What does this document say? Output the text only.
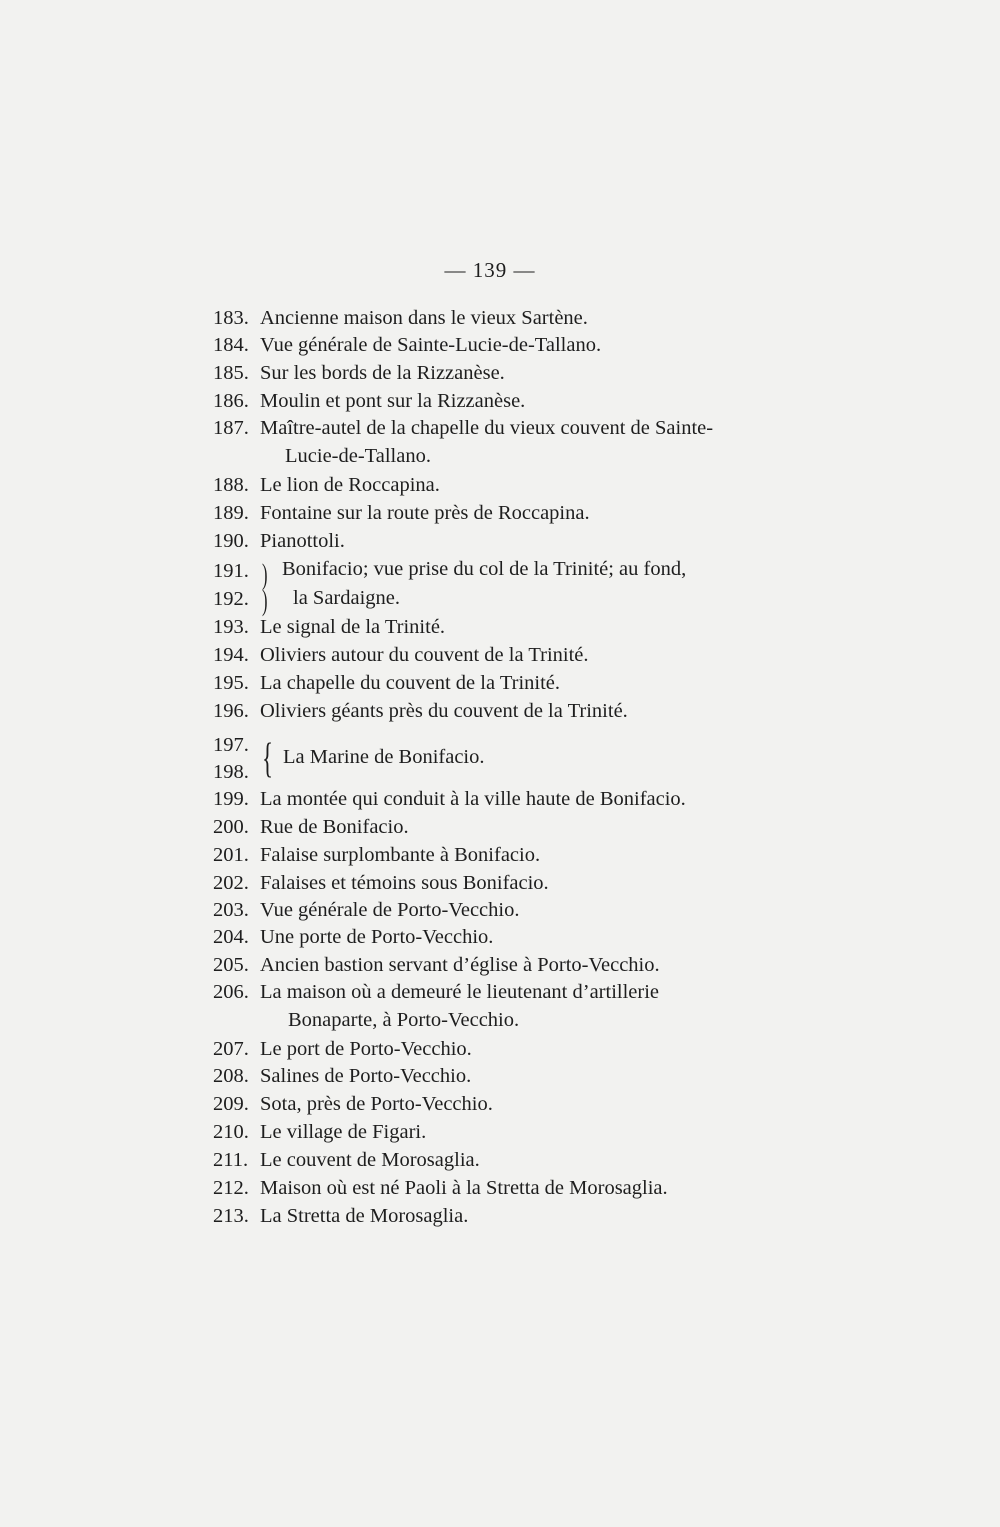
— 139 —
183. Ancienne maison dans le vieux Sartène.
184. Vue générale de Sainte-Lucie-de-Tallano.
185. Sur les bords de la Rizzanèse.
186. Moulin et pont sur la Rizzanèse.
187. Maître-autel de la chapelle du vieux couvent de Sainte-
Lucie-de-Tallano.
188. Le lion de Roccapina.
189. Fontaine sur la route près de Roccapina.
190. Pianottoli.
191.
192.
)
)
Bonifacio; vue prise du col de la Trinité; au fond,
la Sardaigne.
193. Le signal de la Trinité.
194. Oliviers autour du couvent de la Trinité.
195. La chapelle du couvent de la Trinité.
196. Oliviers géants près du couvent de la Trinité.
197.
198. { La Marine de Bonifacio.
199. La montée qui conduit à la ville haute de Bonifacio.
200. Rue de Bonifacio.
201. Falaise surplombante à Bonifacio.
202. Falaises et témoins sous Bonifacio.
203. Vue générale de Porto-Vecchio.
204. Une porte de Porto-Vecchio.
205. Ancien bastion servant d’église à Porto-Vecchio.
206. La maison où a demeuré le lieutenant d’artillerie
Bonaparte, à Porto-Vecchio.
207. Le port de Porto-Vecchio.
208. Salines de Porto-Vecchio.
209. Sota, près de Porto-Vecchio.
210. Le village de Figari.
211. Le couvent de Morosaglia.
212. Maison où est né Paoli à la Stretta de Morosaglia.
213. La Stretta de Morosaglia.
